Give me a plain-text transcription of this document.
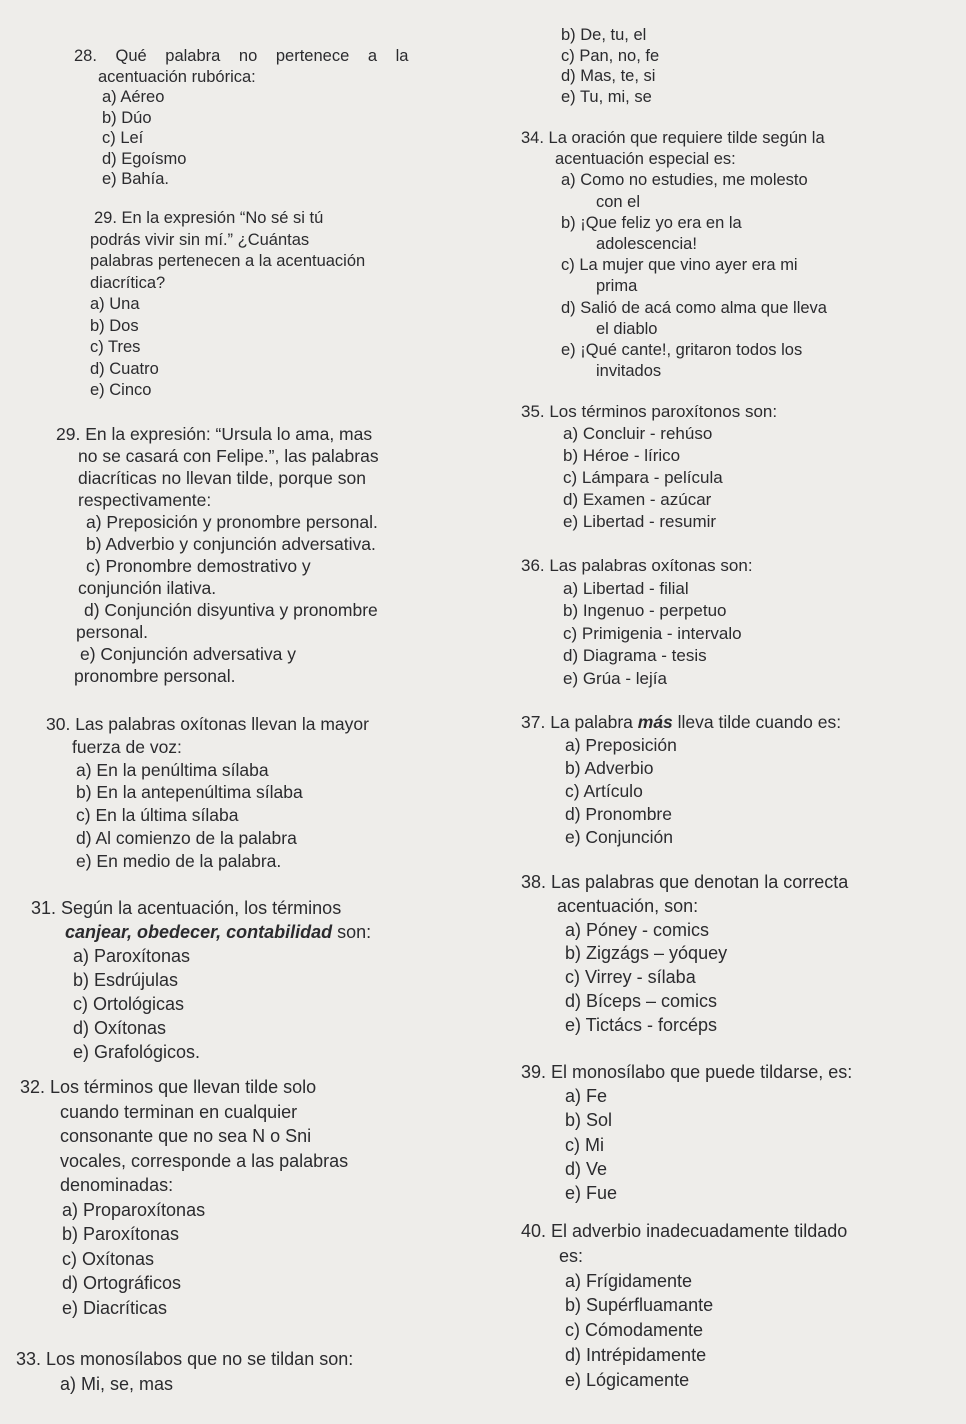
28. Qué palabra no pertenece a la
acentuación rubórica:
a) Aéreo
b) Dúo
c) Leí
d) Egoísmo
e) Bahía.
29. En la expresión “No sé si tú
podrás vivir sin mí.” ¿Cuántas
palabras pertenecen a la acentuación
diacrítica?
a) Una
b) Dos
c) Tres
d) Cuatro
e) Cinco
29. En la expresión: “Ursula lo ama, mas
no se casará con Felipe.”, las palabras
diacríticas no llevan tilde, porque son
respectivamente:
a) Preposición y pronombre personal.
b) Adverbio y conjunción adversativa.
c) Pronombre demostrativo y
conjunción ilativa.
d) Conjunción disyuntiva y pronombre
personal.
e) Conjunción adversativa y
pronombre personal.
30. Las palabras oxítonas llevan la mayor
fuerza de voz:
a) En la penúltima sílaba
b) En la antepenúltima sílaba
c) En la última sílaba
d) Al comienzo de la palabra
e) En medio de la palabra.
31. Según la acentuación, los términos
canjear, obedecer, contabilidad son:
a) Paroxítonas
b) Esdrújulas
c) Ortológicas
d) Oxítonas
e) Grafológicos.
32. Los términos que llevan tilde solo
cuando terminan en cualquier
consonante que no sea N o Sni
vocales, corresponde a las palabras
denominadas:
a) Proparoxítonas
b) Paroxítonas
c) Oxítonas
d) Ortográficos
e) Diacríticas
33. Los monosílabos que no se tildan son:
a) Mi, se, mas
b) De, tu, el
c) Pan, no, fe
d) Mas, te, si
e) Tu, mi, se
34. La oración que requiere tilde según la
acentuación especial es:
a) Como no estudies, me molesto
con el
b) ¡Que feliz yo era en la
adolescencia!
c) La mujer que vino ayer era mi
prima
d) Salió de acá como alma que lleva
el diablo
e) ¡Qué cante!, gritaron todos los
invitados
35. Los términos paroxítonos son:
a) Concluir - rehúso
b) Héroe - lírico
c) Lámpara - película
d) Examen - azúcar
e) Libertad - resumir
36. Las palabras oxítonas son:
a) Libertad - filial
b) Ingenuo - perpetuo
c) Primigenia - intervalo
d) Diagrama - tesis
e) Grúa - lejía
37. La palabra más lleva tilde cuando es:
a) Preposición
b) Adverbio
c) Artículo
d) Pronombre
e) Conjunción
38. Las palabras que denotan la correcta
acentuación, son:
a) Póney - comics
b) Zigzágs – yóquey
c) Virrey - sílaba
d) Bíceps – comics
e) Tictács - forcéps
39. El monosílabo que puede tildarse, es:
a) Fe
b) Sol
c) Mi
d) Ve
e) Fue
40. El adverbio inadecuadamente tildado
es:
a) Frígidamente
b) Supérfluamante
c) Cómodamente
d) Intrépidamente
e) Lógicamente
